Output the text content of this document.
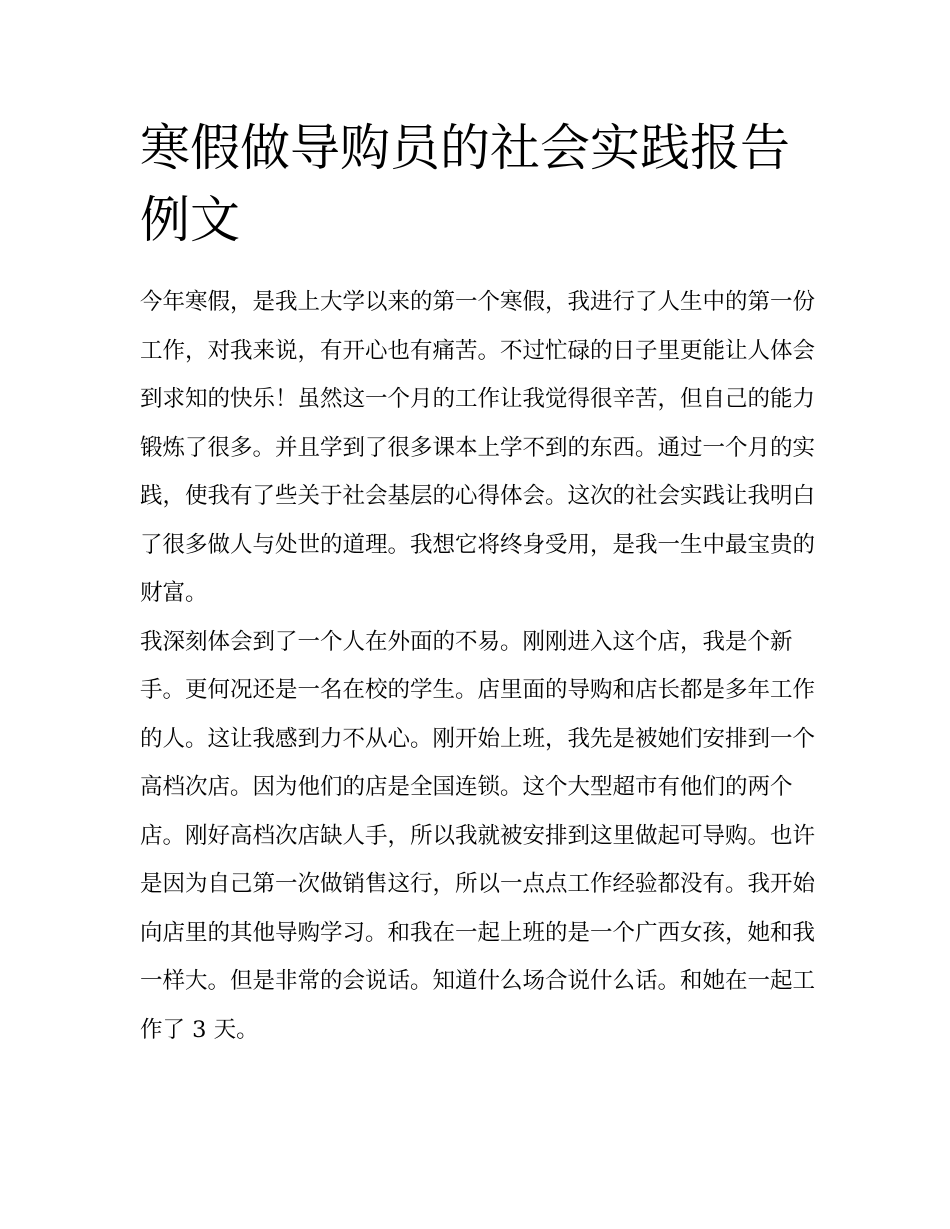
寒假做导购员的社会实践报告例文

今年寒假，是我上大学以来的第一个寒假，我进行了人生中的第一份工作，对我来说，有开心也有痛苦。不过忙碌的日子里更能让人体会到求知的快乐！虽然这一个月的工作让我觉得很辛苦，但自己的能力锻炼了很多。并且学到了很多课本上学不到的东西。通过一个月的实践，使我有了些关于社会基层的心得体会。这次的社会实践让我明白了很多做人与处世的道理。我想它将终身受用，是我一生中最宝贵的财富。

我深刻体会到了一个人在外面的不易。刚刚进入这个店，我是个新手。更何况还是一名在校的学生。店里面的导购和店长都是多年工作的人。这让我感到力不从心。刚开始上班，我先是被她们安排到一个高档次店。因为他们的店是全国连锁。这个大型超市有他们的两个店。刚好高档次店缺人手，所以我就被安排到这里做起可导购。也许是因为自己第一次做销售这行，所以一点点工作经验都没有。我开始向店里的其他导购学习。和我在一起上班的是一个广西女孩，她和我一样大。但是非常的会说话。知道什么场合说什么话。和她在一起工作了 3 天。
